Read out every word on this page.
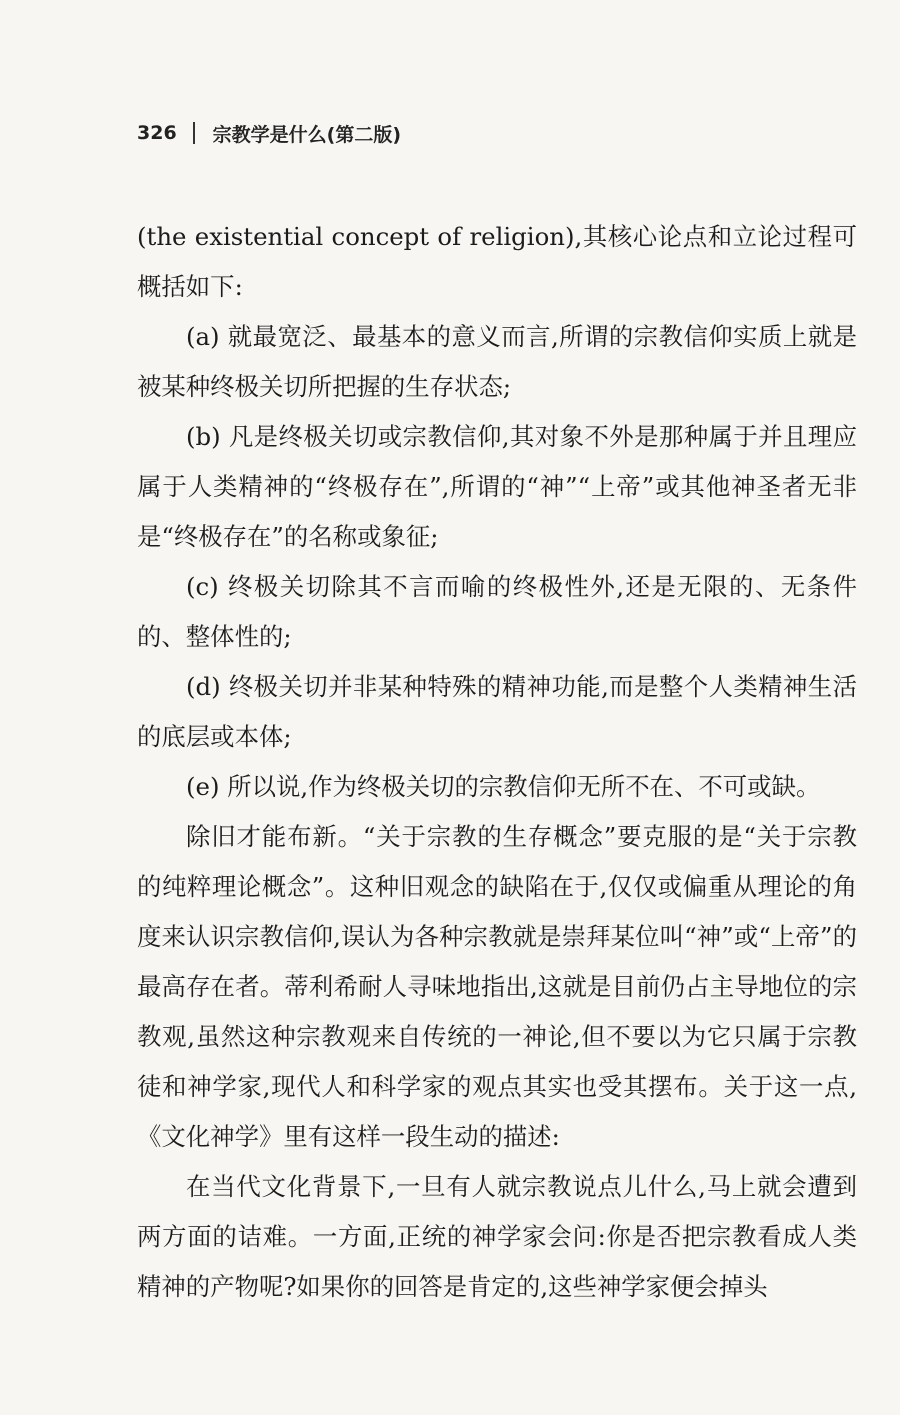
326 宗教学是什么(第二版)

(the existential concept of religion),其核心论点和立论过程可概括如下:

(a) 就最宽泛、最基本的意义而言,所谓的宗教信仰实质上就是被某种终极关切所把握的生存状态;

(b) 凡是终极关切或宗教信仰,其对象不外是那种属于并且理应属于人类精神的“终极存在”,所谓的“神”“上帝”或其他神圣者无非是“终极存在”的名称或象征;

(c) 终极关切除其不言而喻的终极性外,还是无限的、无条件的、整体性的;

(d) 终极关切并非某种特殊的精神功能,而是整个人类精神生活的底层或本体;

(e) 所以说,作为终极关切的宗教信仰无所不在、不可或缺。

除旧才能布新。“关于宗教的生存概念”要克服的是“关于宗教的纯粹理论概念”。这种旧观念的缺陷在于,仅仅或偏重从理论的角度来认识宗教信仰,误认为各种宗教就是崇拜某位叫“神”或“上帝”的最高存在者。蒂利希耐人寻味地指出,这就是目前仍占主导地位的宗教观,虽然这种宗教观来自传统的一神论,但不要以为它只属于宗教徒和神学家,现代人和科学家的观点其实也受其摆布。关于这一点,《文化神学》里有这样一段生动的描述:

在当代文化背景下,一旦有人就宗教说点儿什么,马上就会遭到两方面的诘难。一方面,正统的神学家会问:你是否把宗教看成人类精神的产物呢?如果你的回答是肯定的,这些神学家便会掉头
